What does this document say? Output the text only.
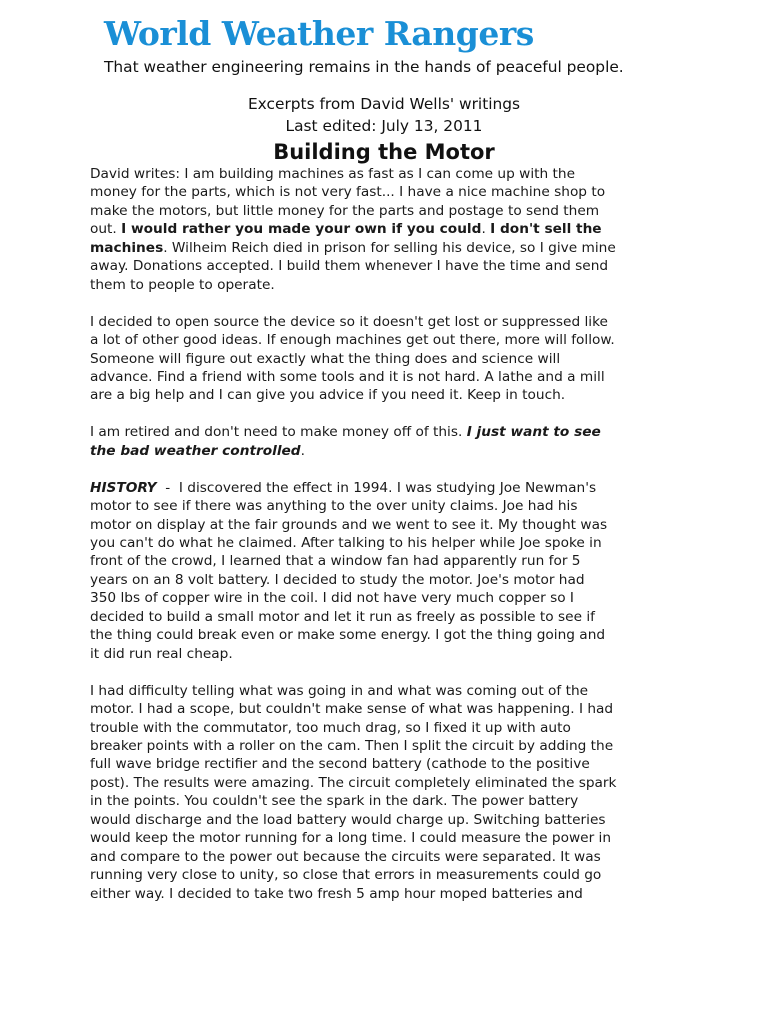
World Weather Rangers
That weather engineering remains in the hands of peaceful people.
Excerpts from David Wells' writings
Last edited: July 13, 2011
Building the Motor

David writes: I am building machines as fast as I can come up with the
money for the parts, which is not very fast... I have a nice machine shop to
make the motors, but little money for the parts and postage to send them
out. I would rather you made your own if you could. I don't sell the
machines. Wilheim Reich died in prison for selling his device, so I give mine
away. Donations accepted. I build them whenever I have the time and send
them to people to operate.

I decided to open source the device so it doesn't get lost or suppressed like
a lot of other good ideas. If enough machines get out there, more will follow.
Someone will figure out exactly what the thing does and science will
advance. Find a friend with some tools and it is not hard. A lathe and a mill
are a big help and I can give you advice if you need it. Keep in touch.

I am retired and don't need to make money off of this. I just want to see
the bad weather controlled.

HISTORY  -  I discovered the effect in 1994. I was studying Joe Newman's
motor to see if there was anything to the over unity claims. Joe had his
motor on display at the fair grounds and we went to see it. My thought was
you can't do what he claimed. After talking to his helper while Joe spoke in
front of the crowd, I learned that a window fan had apparently run for 5
years on an 8 volt battery. I decided to study the motor. Joe's motor had
350 lbs of copper wire in the coil. I did not have very much copper so I
decided to build a small motor and let it run as freely as possible to see if
the thing could break even or make some energy. I got the thing going and
it did run real cheap.

I had difficulty telling what was going in and what was coming out of the
motor. I had a scope, but couldn't make sense of what was happening. I had
trouble with the commutator, too much drag, so I fixed it up with auto
breaker points with a roller on the cam. Then I split the circuit by adding the
full wave bridge rectifier and the second battery (cathode to the positive
post). The results were amazing. The circuit completely eliminated the spark
in the points. You couldn't see the spark in the dark. The power battery
would discharge and the load battery would charge up. Switching batteries
would keep the motor running for a long time. I could measure the power in
and compare to the power out because the circuits were separated. It was
running very close to unity, so close that errors in measurements could go
either way. I decided to take two fresh 5 amp hour moped batteries and
